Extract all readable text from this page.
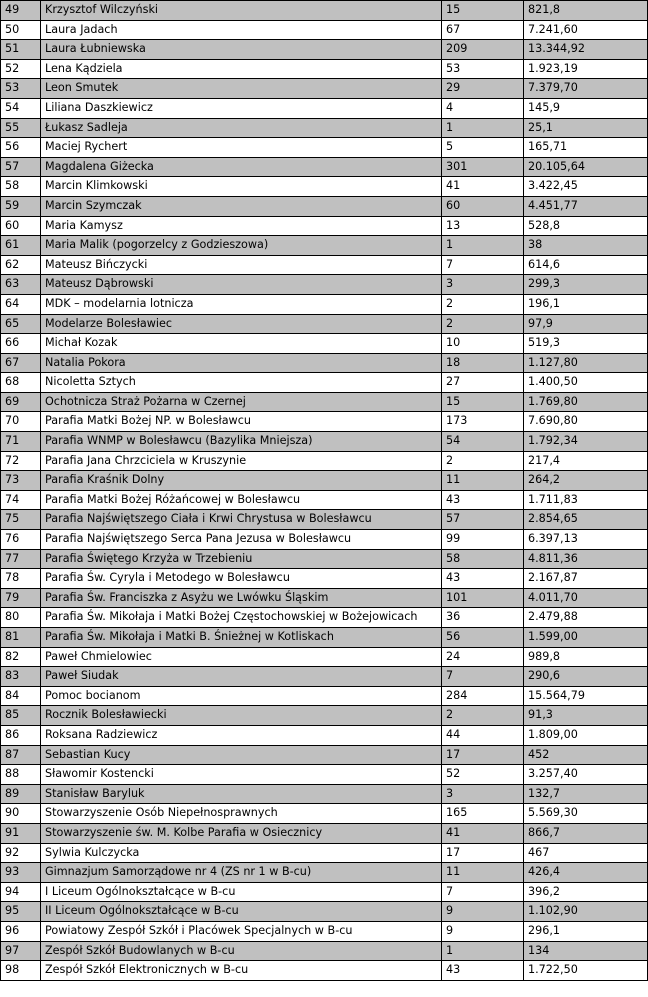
49	Krzysztof Wilczyński	15	821,8
50	Laura Jadach	67	7.241,60
51	Laura Łubniewska	209	13.344,92
52	Lena Kądziela	53	1.923,19
53	Leon Smutek	29	7.379,70
54	Liliana Daszkiewicz	4	145,9
55	Łukasz Sadleja	1	25,1
56	Maciej Rychert	5	165,71
57	Magdalena Giżecka	301	20.105,64
58	Marcin Klimkowski	41	3.422,45
59	Marcin Szymczak	60	4.451,77
60	Maria Kamysz	13	528,8
61	Maria Malik (pogorzelcy z Godzieszowa)	1	38
62	Mateusz Bińczycki	7	614,6
63	Mateusz Dąbrowski	3	299,3
64	MDK – modelarnia lotnicza	2	196,1
65	Modelarze Bolesławiec	2	97,9
66	Michał Kozak	10	519,3
67	Natalia Pokora	18	1.127,80
68	Nicoletta Sztych	27	1.400,50
69	Ochotnicza Straż Pożarna w Czernej	15	1.769,80
70	Parafia Matki Bożej NP. w Bolesławcu	173	7.690,80
71	Parafia WNMP w Bolesławcu (Bazylika Mniejsza)	54	1.792,34
72	Parafia Jana Chrzciciela w Kruszynie	2	217,4
73	Parafia Kraśnik Dolny	11	264,2
74	Parafia Matki Bożej Różańcowej w Bolesławcu	43	1.711,83
75	Parafia Najświętszego Ciała i Krwi Chrystusa w Bolesławcu	57	2.854,65
76	Parafia Najświętszego Serca Pana Jezusa w Bolesławcu	99	6.397,13
77	Parafia Świętego Krzyża w Trzebieniu	58	4.811,36
78	Parafia Św. Cyryla i Metodego w Bolesławcu	43	2.167,87
79	Parafia Św. Franciszka z Asyżu we Lwówku Śląskim	101	4.011,70
80	Parafia Św. Mikołaja i Matki Bożej Częstochowskiej w Bożejowicach	36	2.479,88
81	Parafia Św. Mikołaja i Matki B. Śnieżnej w Kotliskach	56	1.599,00
82	Paweł Chmielowiec	24	989,8
83	Paweł Siudak	7	290,6
84	Pomoc bocianom	284	15.564,79
85	Rocznik Bolesławiecki	2	91,3
86	Roksana Radziewicz	44	1.809,00
87	Sebastian Kucy	17	452
88	Sławomir Kostencki	52	3.257,40
89	Stanisław Baryluk	3	132,7
90	Stowarzyszenie Osób Niepełnosprawnych	165	5.569,30
91	Stowarzyszenie św. M. Kolbe Parafia w Osiecznicy	41	866,7
92	Sylwia Kulczycka	17	467
93	Gimnazjum Samorządowe nr 4 (ZS nr 1 w B-cu)	11	426,4
94	I Liceum Ogólnokształcące w B-cu	7	396,2
95	II Liceum Ogólnokształcące w B-cu	9	1.102,90
96	Powiatowy Zespół Szkół i Placówek Specjalnych w B-cu	9	296,1
97	Zespół Szkół Budowlanych w B-cu	1	134
98	Zespół Szkół Elektronicznych w B-cu	43	1.722,50
